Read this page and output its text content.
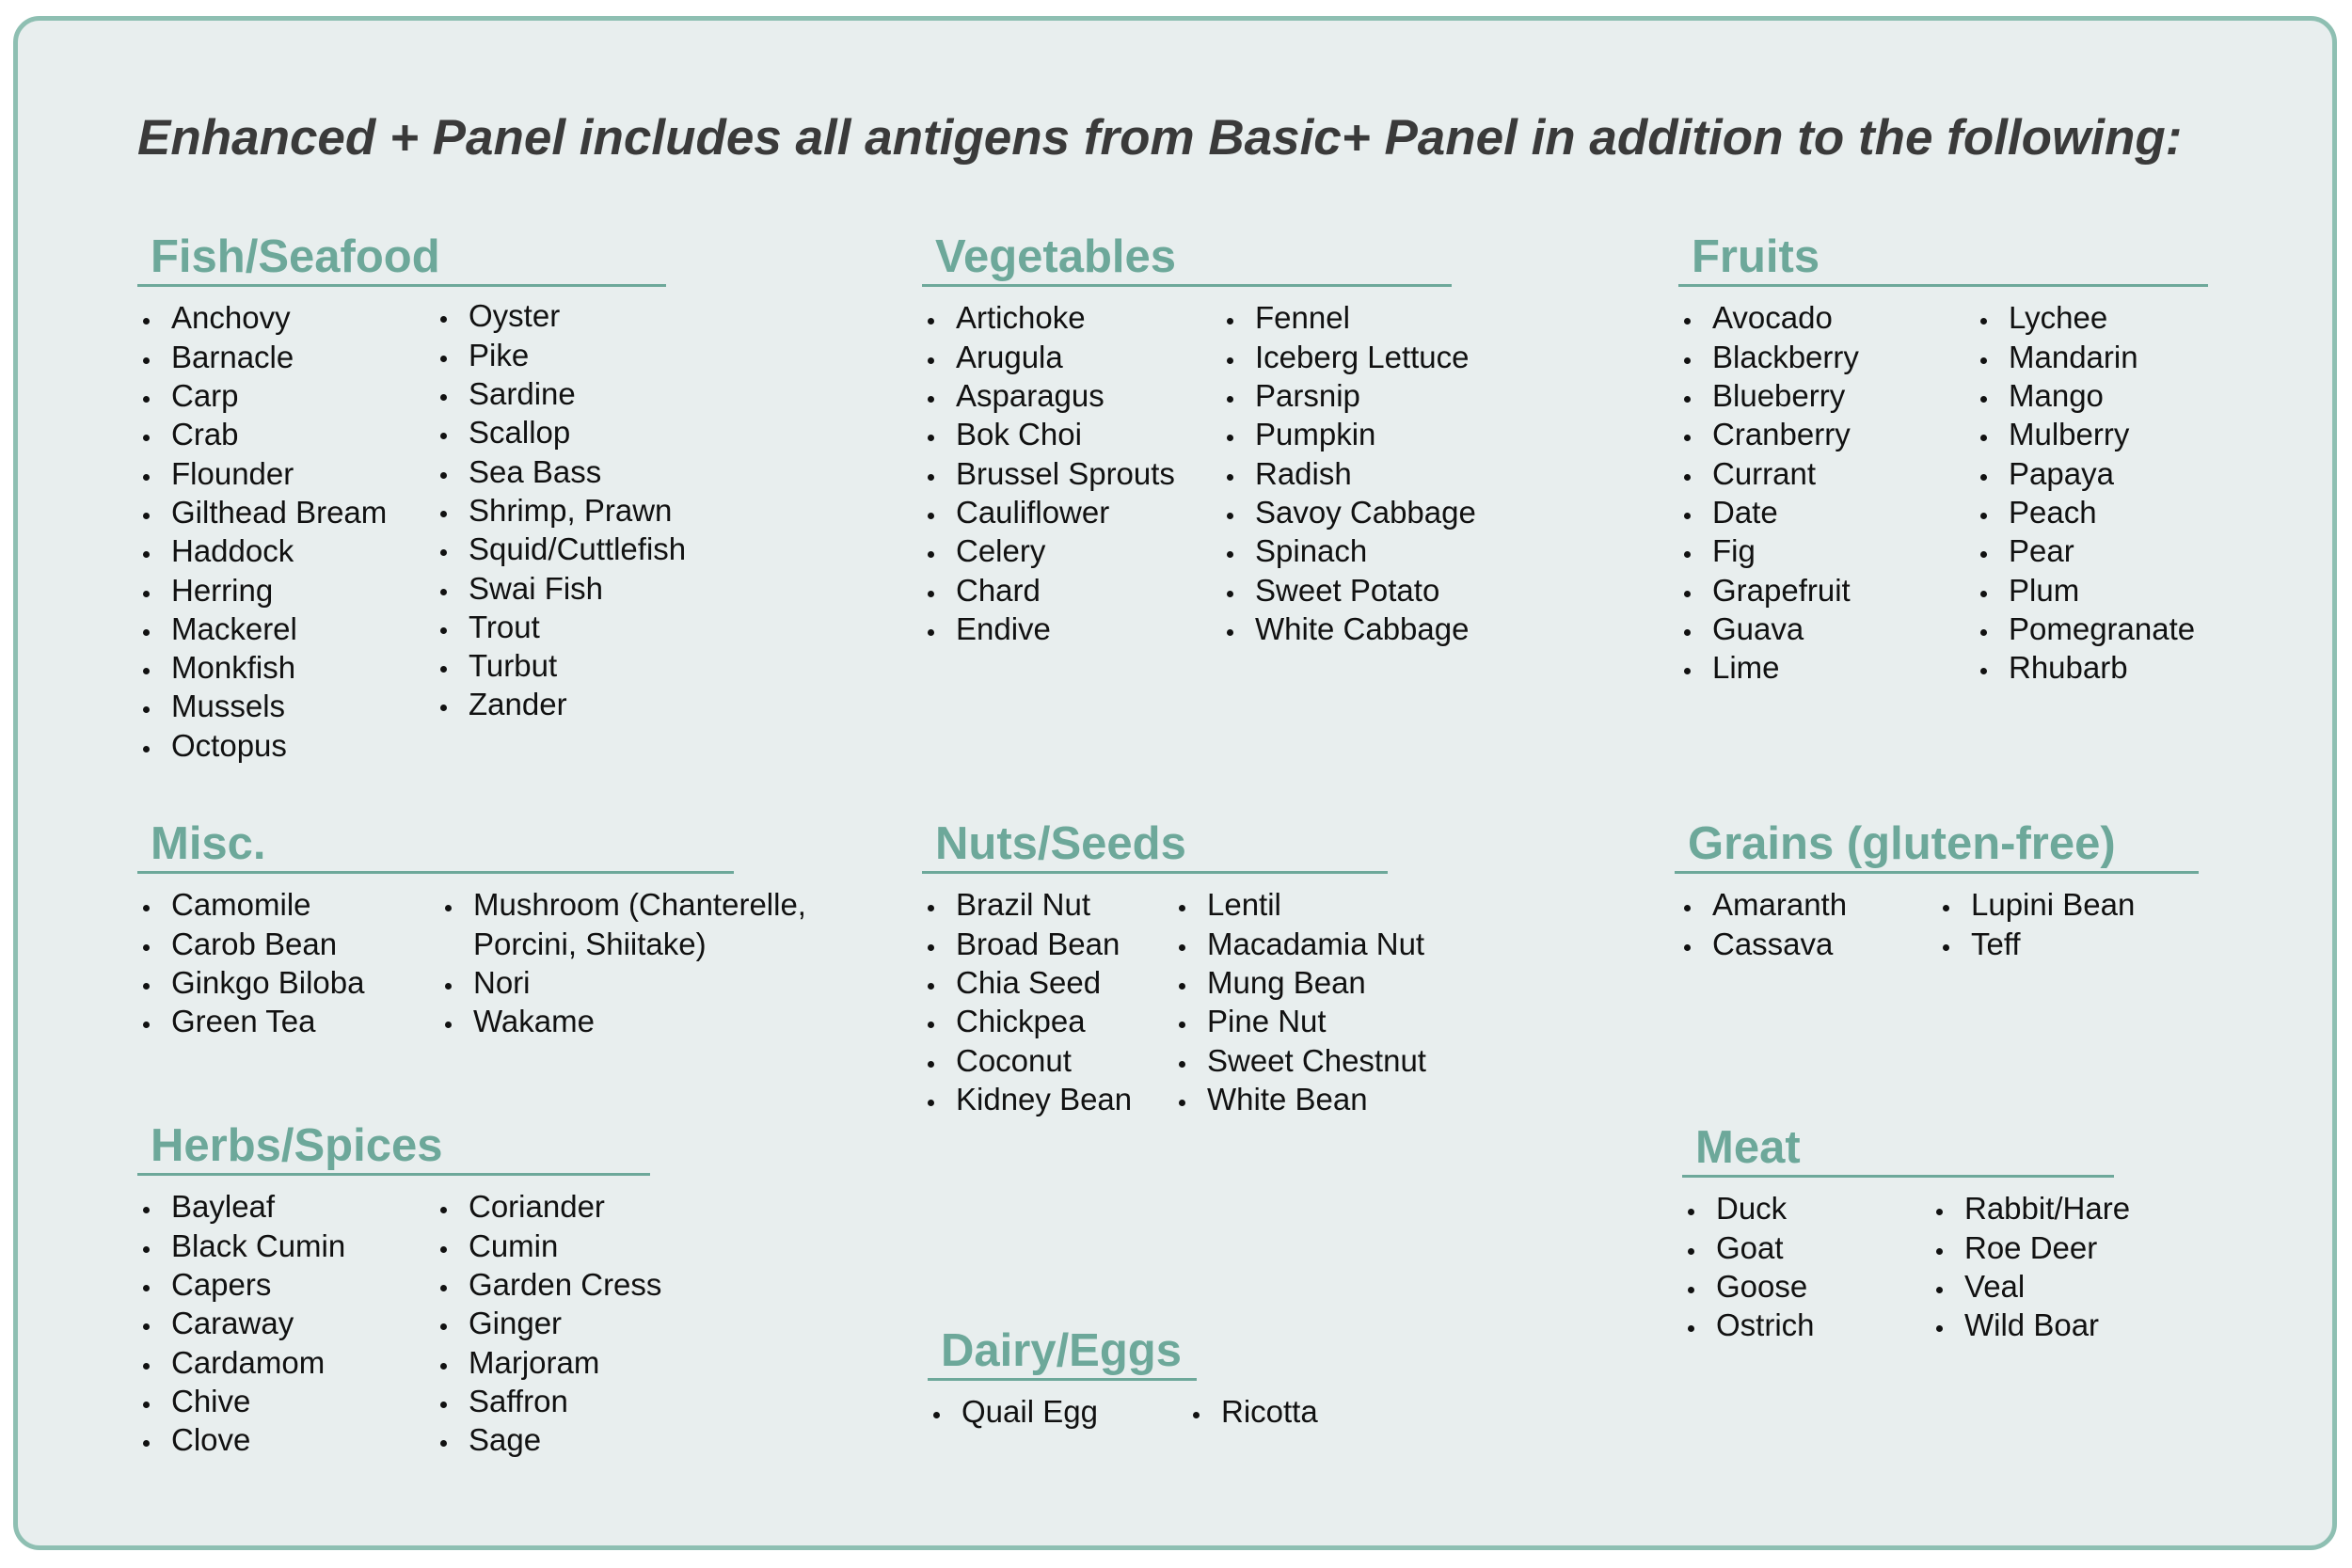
Enhanced + Panel includes all antigens from Basic+ Panel in addition to the following:
Fish/Seafood
Anchovy
Barnacle
Carp
Crab
Flounder
Gilthead Bream
Haddock
Herring
Mackerel
Monkfish
Mussels
Octopus
Oyster
Pike
Sardine
Scallop
Sea Bass
Shrimp, Prawn
Squid/Cuttlefish
Swai Fish
Trout
Turbut
Zander
Vegetables
Artichoke
Arugula
Asparagus
Bok Choi
Brussel Sprouts
Cauliflower
Celery
Chard
Endive
Fennel
Iceberg Lettuce
Parsnip
Pumpkin
Radish
Savoy Cabbage
Spinach
Sweet Potato
White Cabbage
Fruits
Avocado
Blackberry
Blueberry
Cranberry
Currant
Date
Fig
Grapefruit
Guava
Lime
Lychee
Mandarin
Mango
Mulberry
Papaya
Peach
Pear
Plum
Pomegranate
Rhubarb
Misc.
Camomile
Carob Bean
Ginkgo Biloba
Green Tea
Mushroom (Chanterelle, Porcini, Shiitake)
Nori
Wakame
Nuts/Seeds
Brazil Nut
Broad Bean
Chia Seed
Chickpea
Coconut
Kidney Bean
Lentil
Macadamia Nut
Mung Bean
Pine Nut
Sweet Chestnut
White Bean
Grains (gluten-free)
Amaranth
Cassava
Lupini Bean
Teff
Herbs/Spices
Bayleaf
Black Cumin
Capers
Caraway
Cardamom
Chive
Clove
Coriander
Cumin
Garden Cress
Ginger
Marjoram
Saffron
Sage
Meat
Duck
Goat
Goose
Ostrich
Rabbit/Hare
Roe Deer
Veal
Wild Boar
Dairy/Eggs
Quail Egg	Ricotta
